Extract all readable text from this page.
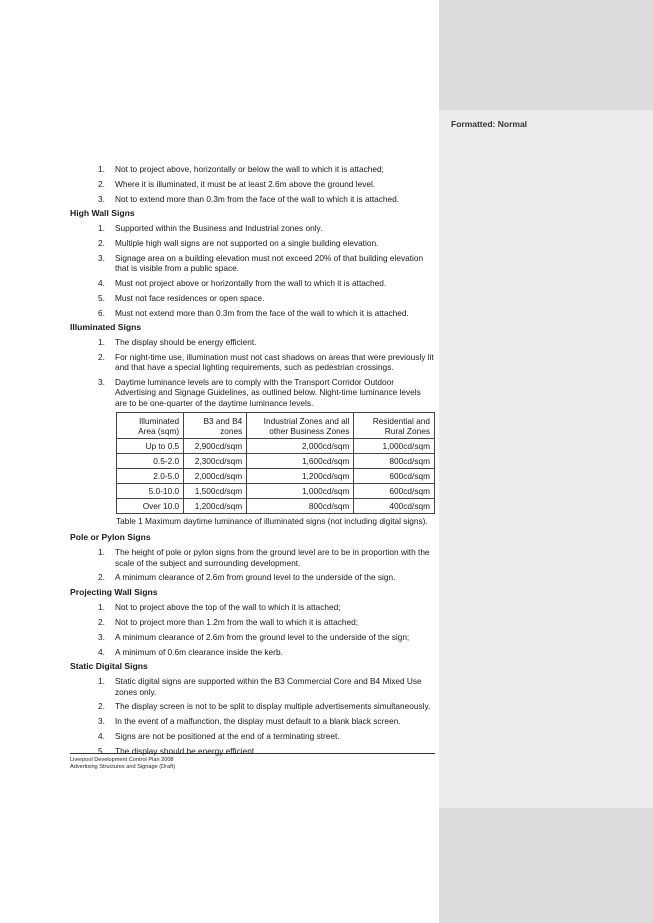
Formatted: Normal
1. Not to project above, horizontally or below the wall to which it is attached;
2. Where it is illuminated, it must be at least 2.6m above the ground level.
3. Not to extend more than 0.3m from the face of the wall to which it is attached.
High Wall Signs
1. Supported within the Business and Industrial zones only.
2. Multiple high wall signs are not supported on a single building elevation.
3. Signage area on a building elevation must not exceed 20% of that building elevation that is visible from a public space.
4. Must not project above or horizontally from the wall to which it is attached.
5. Must not face residences or open space.
6. Must not extend more than 0.3m from the face of the wall to which it is attached.
Illuminated Signs
1. The display should be energy efficient.
2. For night-time use, illumination must not cast shadows on areas that were previously lit and that have a special lighting requirements, such as pedestrian crossings.
3. Daytime luminance levels are to comply with the Transport Corridor Outdoor Advertising and Signage Guidelines, as outlined below. Night-time luminance levels are to be one-quarter of the daytime luminance levels.
Illuminated Area (sqm)	B3 and B4 zones	Industrial Zones and all other Business Zones	Residential and Rural Zones
Up to 0.5	2,900cd/sqm	2,000cd/sqm	1,000cd/sqm
0.5-2.0	2,300cd/sqm	1,600cd/sqm	800cd/sqm
2.0-5.0	2,000cd/sqm	1,200cd/sqm	600cd/sqm
5.0-10.0	1,500cd/sqm	1,000cd/sqm	600cd/sqm
Over 10.0	1,200cd/sqm	800cd/sqm	400cd/sqm
Table 1 Maximum daytime luminance of illuminated signs (not including digital signs).
Pole or Pylon Signs
1. The height of pole or pylon signs from the ground level are to be in proportion with the scale of the subject and surrounding development.
2. A minimum clearance of 2.6m from ground level to the underside of the sign.
Projecting Wall Signs
1. Not to project above the top of the wall to which it is attached;
2. Not to project more than 1.2m from the wall to which it is attached;
3. A minimum clearance of 2.6m from the ground level to the underside of the sign;
4. A minimum of 0.6m clearance inside the kerb.
Static Digital Signs
1. Static digital signs are supported within the B3 Commercial Core and B4 Mixed Use zones only.
2. The display screen is not to be split to display multiple advertisements simultaneously.
3. In the event of a malfunction, the display must default to a blank black screen.
4. Signs are not be positioned at the end of a terminating street.
5. The display should be energy efficient.
Liverpool Development Control Plan 2008
Advertising Structures and Signage (Draft)
